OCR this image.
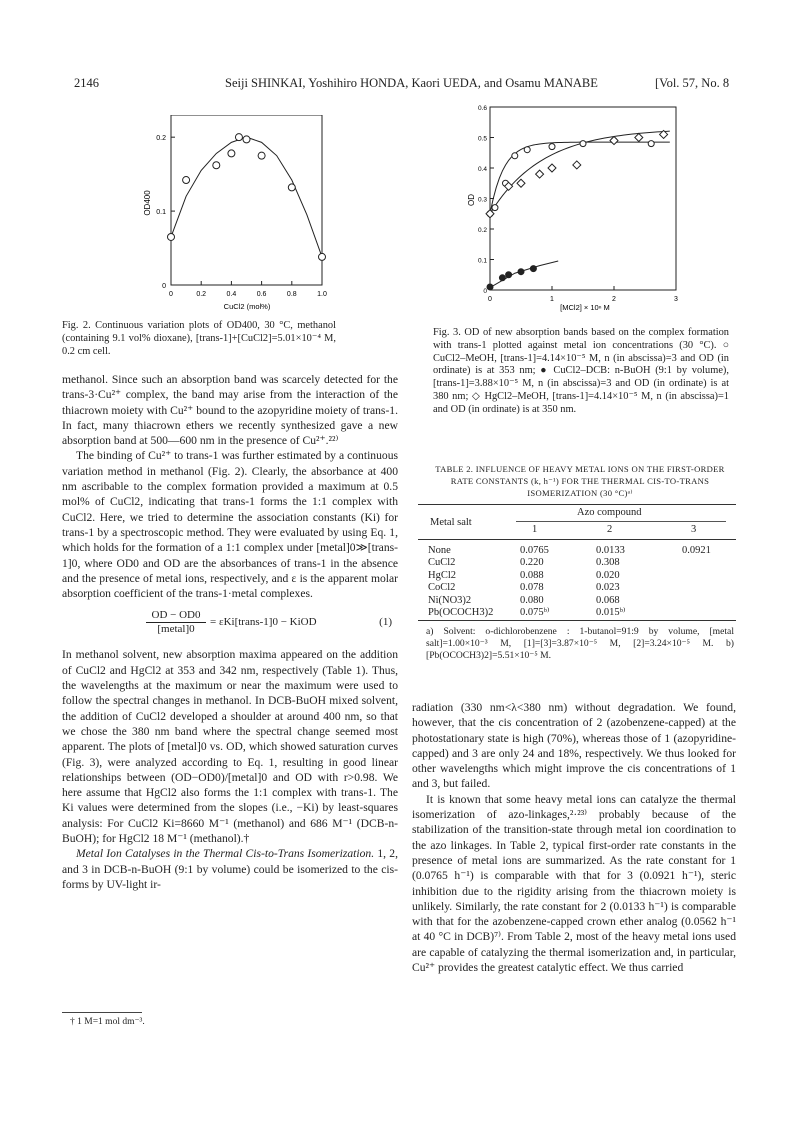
2146	Seiji SHINKAI, Yoshihiro HONDA, Kaori UEDA, and Osamu MANABE	[Vol. 57, No. 8
0
0.1
0.2
0	0.2	0.4	0.6	0.8	1.0
OD400
CuCl2 (mol%)
Fig. 2. Continuous variation plots of OD400, 30 °C, methanol (containing 9.1 vol% dioxane), [trans-1]+[CuCl2]=5.01×10⁻⁴ M, 0.2 cm cell.
0
0.1
0.2
0.3
0.4
0.5
0.6
0	1	2	3
OD
[MCl2] × 10ⁿ M
Fig. 3. OD of new absorption bands based on the complex formation with trans-1 plotted against metal ion concentrations (30 °C). ○ CuCl2–MeOH, [trans-1]=4.14×10⁻⁵ M, n (in abscissa)=3 and OD (in ordinate) is at 353 nm; ● CuCl2–DCB: n-BuOH (9:1 by volume), [trans-1]=3.88×10⁻⁵ M, n (in abscissa)=3 and OD (in ordinate) is at 380 nm; ◇ HgCl2–MeOH, [trans-1]=4.14×10⁻⁵ M, n (in abscissa)=1 and OD (in ordinate) is at 350 nm.

methanol. Since such an absorption band was scarcely detected for the trans-3·Cu²⁺ complex, the band may arise from the interaction of the thiacrown moiety with Cu²⁺ bound to the azopyridine moiety of trans-1. In fact, many thiacrown ethers we recently synthesized gave a new absorption band at 500—600 nm in the presence of Cu²⁺.²²⁾

The binding of Cu²⁺ to trans-1 was further estimated by a continuous variation method in methanol (Fig. 2). Clearly, the absorbance at 400 nm ascribable to the complex formation provided a maximum at 0.5 mol% of CuCl2, indicating that trans-1 forms the 1:1 complex with CuCl2. Here, we tried to determine the association constants (Ki) for trans-1 by a spectroscopic method. They were evaluated by using Eq. 1, which holds for the formation of a 1:1 complex under [metal]0≫[trans-1]0, where OD0 and OD are the absorbances of trans-1 in the absence and the presence of metal ions, respectively, and ε is the apparent molar absorption coefficient of the trans-1·metal complexes.

OD − OD0
[metal]0
= εKi[trans-1]0 − KiOD	(1)

In methanol solvent, new absorption maxima appeared on the addition of CuCl2 and HgCl2 at 353 and 342 nm, respectively (Table 1). Thus, the wavelengths at the maximum or near the maximum were used to follow the spectral changes in methanol. In DCB-BuOH mixed solvent, the addition of CuCl2 developed a shoulder at around 400 nm, so that we chose the 380 nm band where the spectral change seemed most apparent. The plots of [metal]0 vs. OD, which showed saturation curves (Fig. 3), were analyzed according to Eq. 1, resulting in good linear relationships between (OD−OD0)/[metal]0 and OD with r>0.98. We here assume that HgCl2 also forms the 1:1 complex with trans-1. The Ki values were determined from the slopes (i.e., −Ki) by least-squares analysis: For CuCl2 Ki=8660 M⁻¹ (methanol) and 686 M⁻¹ (DCB-n-BuOH); for HgCl2 18 M⁻¹ (methanol).†

Metal Ion Catalyses in the Thermal Cis-to-Trans Isomerization. 1, 2, and 3 in DCB-n-BuOH (9:1 by volume) could be isomerized to the cis-forms by UV-light ir-

† 1 M=1 mol dm⁻³.
TABLE 2. INFLUENCE OF HEAVY METAL IONS ON THE FIRST-ORDER
RATE CONSTANTS (k, h⁻¹) FOR THE THERMAL CIS-TO-TRANS
ISOMERIZATION (30 °C)ᵃ⁾
Metal salt
Azo compound
1	2	3
None	0.0765	0.0133	0.0921
CuCl2	0.220	0.308	
HgCl2	0.088	0.020	
CoCl2	0.078	0.023	
Ni(NO3)2	0.080	0.068	
Pb(OCOCH3)2	0.075ᵇ⁾	0.015ᵇ⁾	
a) Solvent: o-dichlorobenzene : 1-butanol=91:9 by volume, [metal salt]=1.00×10⁻³ M, [1]=[3]=3.87×10⁻⁵ M, [2]=3.24×10⁻⁵ M. b) [Pb(OCOCH3)2]=5.51×10⁻⁵ M.

radiation (330 nm<λ<380 nm) without degradation. We found, however, that the cis concentration of 2 (azobenzene-capped) at the photostationary state is high (70%), whereas those of 1 (azopyridine-capped) and 3 are only 24 and 18%, respectively. We thus looked for other wavelengths which might improve the cis concentrations of 1 and 3, but failed.

It is known that some heavy metal ions can catalyze the thermal isomerization of azo-linkages,²·²³⁾ probably because of the stabilization of the transition-state through metal ion coordination to the azo linkages. In Table 2, typical first-order rate constants in the presence of metal ions are summarized. As the rate constant for 1 (0.0765 h⁻¹) is comparable with that for 3 (0.0921 h⁻¹), steric inhibition due to the rigidity arising from the thiacrown moiety is unlikely. Similarly, the rate constant for 2 (0.0133 h⁻¹) is comparable with that for the azobenzene-capped crown ether analog (0.0562 h⁻¹ at 40 °C in DCB)⁷⁾. From Table 2, most of the heavy metal ions used are capable of catalyzing the thermal isomerization and, in particular, Cu²⁺ provides the greatest catalytic effect. We thus carried
